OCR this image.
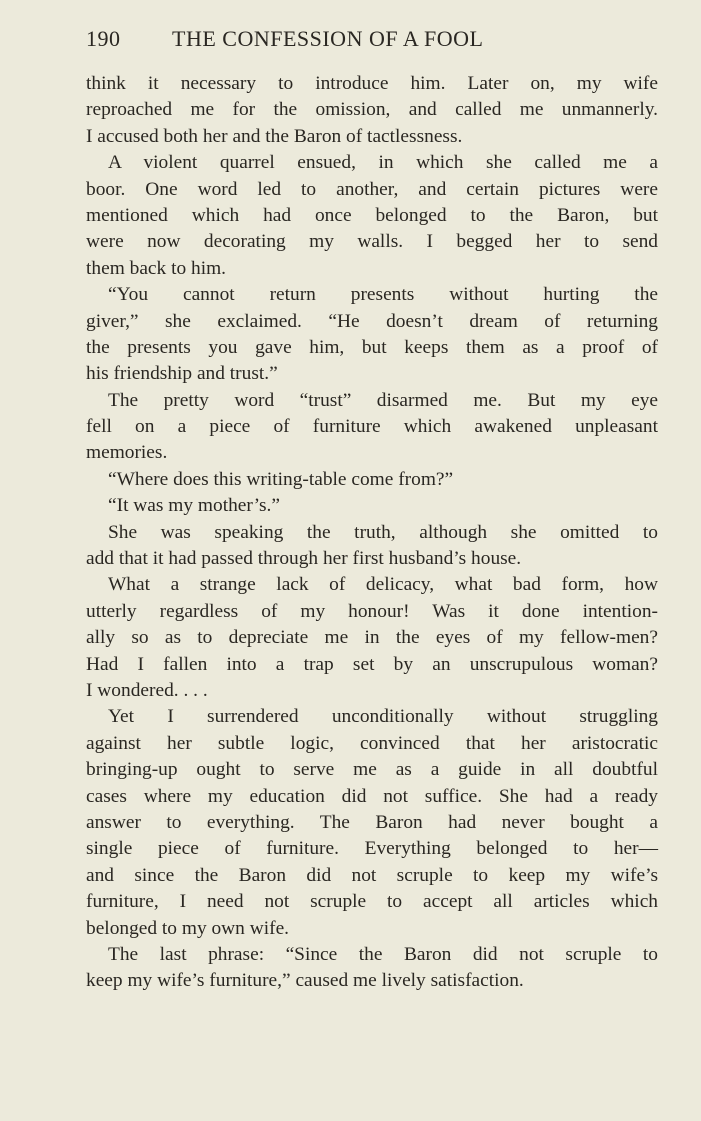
190 THE CONFESSION OF A FOOL
think it necessary to introduce him. Later on, my wife
reproached me for the omission, and called me unmannerly.
I accused both her and the Baron of tactlessness.
A violent quarrel ensued, in which she called me a
boor. One word led to another, and certain pictures were
mentioned which had once belonged to the Baron, but
were now decorating my walls. I begged her to send
them back to him.
“You cannot return presents without hurting the
giver,” she exclaimed. “He doesn’t dream of returning
the presents you gave him, but keeps them as a proof of
his friendship and trust.”
The pretty word “trust” disarmed me. But my eye
fell on a piece of furniture which awakened unpleasant
memories.
“Where does this writing-table come from?”
“It was my mother’s.”
She was speaking the truth, although she omitted to
add that it had passed through her first husband’s house.
What a strange lack of delicacy, what bad form, how
utterly regardless of my honour! Was it done intention-
ally so as to depreciate me in the eyes of my fellow-men?
Had I fallen into a trap set by an unscrupulous woman?
I wondered. . . .
Yet I surrendered unconditionally without struggling
against her subtle logic, convinced that her aristocratic
bringing-up ought to serve me as a guide in all doubtful
cases where my education did not suffice. She had a ready
answer to everything. The Baron had never bought a
single piece of furniture. Everything belonged to her—
and since the Baron did not scruple to keep my wife’s
furniture, I need not scruple to accept all articles which
belonged to my own wife.
The last phrase: “Since the Baron did not scruple to
keep my wife’s furniture,” caused me lively satisfaction.
